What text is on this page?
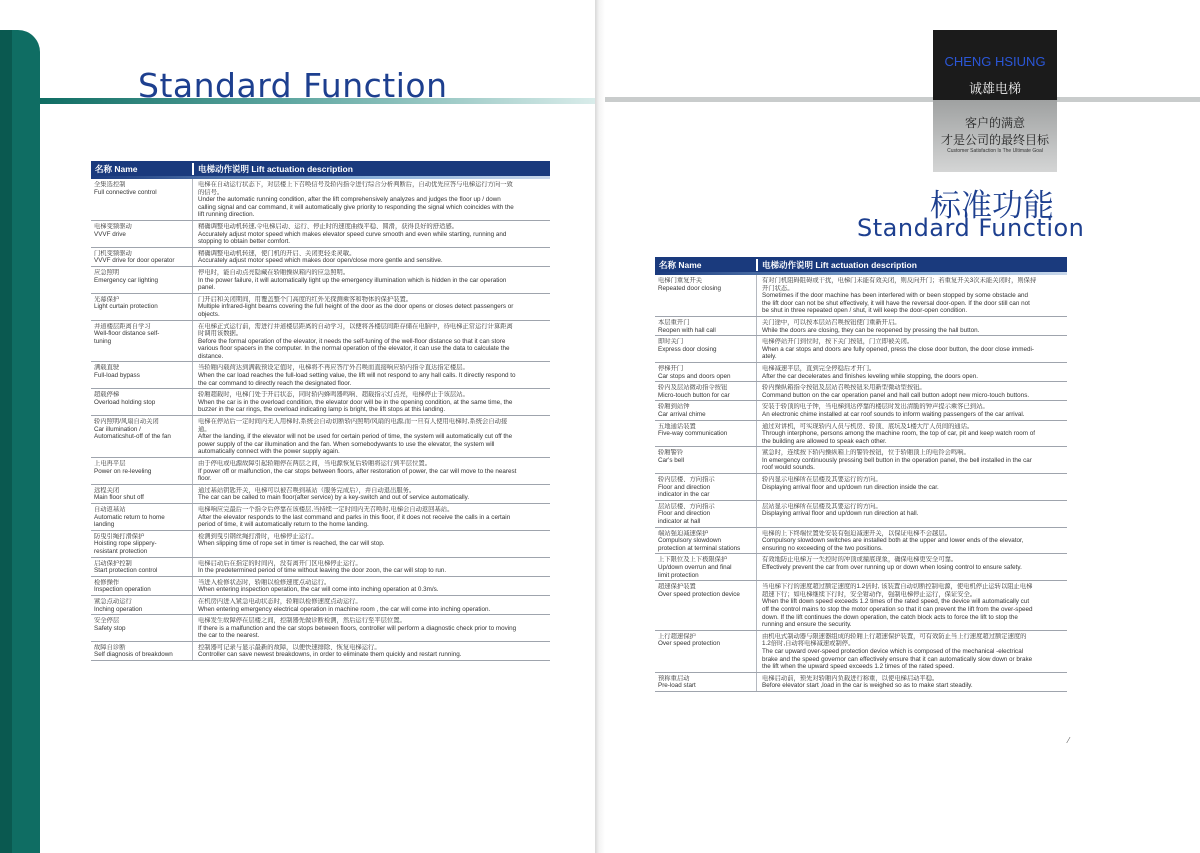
Standard Function
名称 Name	电梯动作说明 Lift actuation description
全集选控制
Full connective control
电梯在自动运行状态下，对层楼上下召唤信号及轿内指令进行综合分析判断后，自动优先应答与电梯运行方向一致
的信号。
Under the automatic running condition, after the lift comprehensively analyzes and judges the floor up / down
calling signal and car command, it will automatically give priority to responding the signal which coincides with the
lift running direction.
电梯变频驱动
VVVF drive
精确调整电动机转速,令电梯启动、运行、停止时的速度曲线平稳、圆滑，获得良好的舒适感。
Accurately adjust motor speed which makes elevator speed curve smooth and even while starting, running and
stopping to obtain better comfort.
门机变频驱动
VVVF drive for door operator
精确调整电动机转速，使门机的开启、关闭更轻柔灵敏。
Accurately adjust motor speed which makes door open/close more gentle and sensitive.
应急照明
Emergency car lighting
停电时，能自动点亮隐藏在轿厢操纵箱内的应急照明。
In the power failure, it will automatically light up the emergency illumination which is hidden in the car operation
panel.
光幕保护
Light curtain protection
门开启和关闭期间，用覆盖整个门高度的红外光探测乘客和物体的保护装置。
Multiple infrared-light beams covering the full height of the door as the door opens or closes detect passengers or
objects.
井道楼层距离自学习
Well-floor distance self-
tuning
在电梯正式运行前，需进行井道楼层距离的自动学习，以便将各楼层间距存储在电脑中，待电梯正常运行计算距离
时调用该数据。
Before the formal operation of the elevator, it needs the self-tuning of the well-floor distance so that it can store
various floor spacers in the computer. In the normal operation of the elevator, it can use the data to calculate the
distance.
满载直驶
Full-load bypass
当轿厢内载荷达到满载预设定值时，电梯将不再应答厅外召唤而直接响应轿内指令直达指定楼层。
When the car load reaches the full-load setting value, the lift will not respond to any hall calls. It directly respond to
the car command to directly reach the designated floor.
超载停梯
Overload holding stop
轿厢超载时，电梯门处于开启状态，同时轿内蜂鸣器鸣响、超载指示灯点亮，电梯停止于该层站。
When the car is in the overload condition, the elevator door will be in the opening condition, at the same time, the
buzzer in the car rings, the overload indicating lamp is bright, the lift stops at this landing.
轿内照明/风扇自动关闭
Car illumination /
Automaticshut-off of the fan
电梯在停站后一定时间内无人用梯时,系统会自动切断轿内照明/风扇的电源,而一旦有人使用电梯时,系统会自动接
通。
After the landing, if the elevator will not be used for certain period of time, the system will automatically cut off the
power supply of the car illumination and the fan. When somebodywants to use the elevator, the system will
automatically connect with the power supply again.
上电再平层
Power on re-leveling
由于停电或电源故障引起轿厢停在两层之间，当电源恢复后轿厢将运行到平层位置。
If power off or malfunction, the car stops between floors, after restoration of power, the car will move to the nearest
floor.
远程关闭
Main floor shut off
通过基站钥匙开关，电梯可以被召唤到基站（服务完成后），并自动退出服务。
The car can be called to main floor(after service) by a key-switch and out of service automatically.
自动返基站
Automatic return to home
landing
电梯响应完最后一个指令后停靠在该楼层,当持续一定时间内无召唤时,电梯会自动返回基站。
After the elevator responds to the last command and parks in this floor, if it does not receive the calls in a certain
period of time, it will automatically return to the home landing.
防曳引绳打滑保护
Hoisting rope slippery-
resistant protection
检测到曳引钢丝绳打滑时，电梯停止运行。
When slipping time of rope set in timer is reached, the car will stop.
启动保护控制
Start protection control
电梯启动后在指定的时间内，没有离开门区电梯停止运行。
In the predetermined period of time without leaving the door zoon, the car will stop to run.
检修操作
Inspection operation
当进入检修状态时，轿厢以检修速度点动运行。
When entering inspection operation, the car will come into inching operation at 0.3m/s.
紧急点动运行
Inching operation
在机房内进入紧急电动状态时，轿厢以检修速度点动运行。
When entering emergency electrical operation in machine room , the car will come into inching operation.
安全停层
Safety stop
电梯发生故障停在层楼之间，控制器先做诊断检测，然后运行至平层位置。
If there is a malfunction and the car stops between floors, controller will perform a diagnostic check prior to moving
the car to the nearest.
故障自诊断
Self diagnosis of breakdown
控制器可记录与显示最新的故障，以便快速排除、恢复电梯运行。
Controller can save newest breakdowns, in order to eliminate them quickly and restart running.
CHENG HSIUNG
诚雄电梯
客户的满意
才是公司的最终目标
Customer Satisfaction Is The Ultimate Goal
标准功能
Standard Function
名称 Name	电梯动作说明 Lift actuation description
电梯门重复开关
Repeated door closing
有对门机阻碍阻碍或干扰，电梯门未能有效关闭，则反向开门；若重复开关3次未能关闭时，则保持
开门状态。
Sometimes if the door machine has been interfered with or been stopped by some obstacle and
the lift door can not be shut effectively, it will have the reversal door-open. If the door still can not
be shut in three repeated open / shut, it will keep the door-open condition.
本层重开门
Reopen with hall call
关门途中，可以按本层站召唤按钮使门重新开启。
While the doors are closing, they can be reopened by pressing the hall button.
即时关门
Express door closing
电梯停站开门到位时，按下关门按钮，门立即被关闭。
When a car stops and doors are fully opened, press the close door button, the door close immedi-
ately.
停梯开门
Car stops and doors open
电梯减速平层，直到完全停稳后才开门。
After the car decelerates and finishes leveling while stopping, the doors open.
轿内及层站微动指令按钮
Micro-touch button for car
轿内操纵箱指令按钮及层站召唤按钮采用新型微动型按钮。
Command button on the car operation panel and hall call button adopt new micro-touch buttons.
轿厢到站钟
Car arrival chime
安装于轿顶的电子钟，当电梯到达停靠的楼层时发出清脆的钟声提示乘客已到站。
An electronic chime installed at car roof sounds to inform waiting passengers of the car arrival.
五地通话装置
Five-way communication
通过对讲机，可实现轿内人员与机房、轿顶、底坑及1楼大厅人员间的通话。
Through interphone, persons among the machine room, the top of car, pit and keep watch room of
the building are allowed to speak each other.
轿厢警铃
Car's bell
紧急时，连续按下轿内操纵箱上的警铃按钮，位于轿厢顶上的电铃会鸣响。
In emergency continuously pressing bell button in the operation panel, the bell installed in the car
roof would sounds.
轿内层楼、方向指示
Floor and direction
indicator in the car
轿内显示电梯所在层楼及其要运行的方向。
Displaying arrival floor and up/down run direction inside the car.
层站层楼、方向指示
Floor and direction
indicator at hall
层站显示电梯所在层楼及其要运行的方向。
Displaying arrival floor and up/down run direction at hall.
端站强迫减速保护
Compulsory slowdown
protection at terminal stations
电梯的上下终端位置处安装有强迫减速开关，以保证电梯不会越层。
Compulsory slowdown switches are installed both at the upper and lower ends of the elevator,
ensuring no exceeding of the two positions.
上下限位及上下极限保护
Up/down overrun and final
limit protection
有效地防止电梯万一失控时的冲顶或撞底现象，确保电梯更安全可靠。
Effectively prevent the car from over running up or down when losing control to ensure safety.
超速保护装置
Over speed protection device
当电梯下行的速度超过额定速度的1.2倍时, 该装置自动切断控制电源，使电机停止运转以阻止电梯
超速下行；如电梯继续下行时，安全钳动作，强制电梯停止运行，保证安全。
When the lift down speed exceeds 1.2 times of the rated speed, the device will automatically cut
off the control mains to stop the motor operation so that it can prevent the lift from the over-speed
down. If the lift continues the down operation, the catch block acts to force the lift to stop the
running and ensure the security.
上行超速保护
Over speed protection
由机电式制动器与限速器组成的轿厢上行超速保护装置，可有效防止当上行速度超过额定速度的
1.2倍时,自动将电梯减速或制停。
The car upward over-speed protection device which is composed of the mechanical -electrical
brake and the speed governor can effectively ensure that it can automatically slow down or brake
the lift when the upward speed exceeds 1.2 times of the rated speed.
预称重启动
Pre-load start
电梯启动前，预先对轿厢内负载进行称重，以使电梯启动平稳。
Before elevator start ,load in the car is weighed so as to make start steadily.
⁄
